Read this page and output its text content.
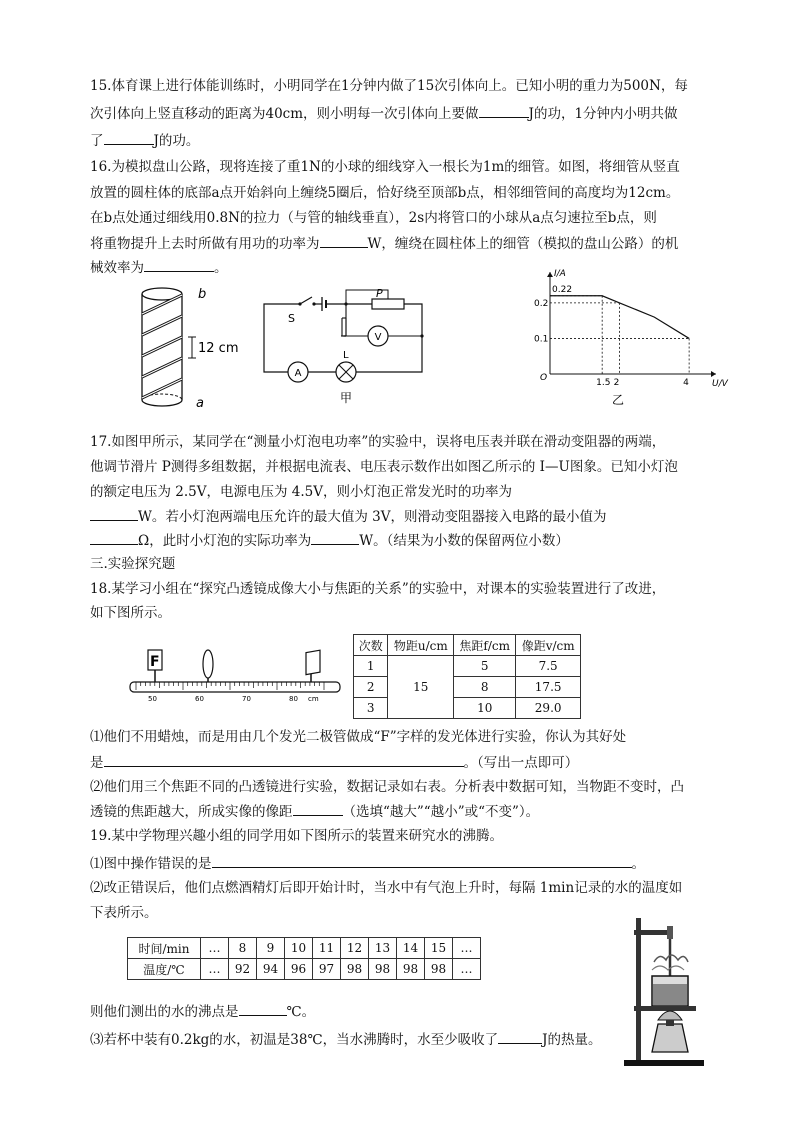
15.体育课上进行体能训练时，小明同学在1分钟内做了15次引体向上。已知小明的重力为500N，每
次引体向上竖直移动的距离为40cm，则小明每一次引体向上要做	J的功，1分钟内小明共做
了	J的功。
16.为模拟盘山公路，现将连接了重1N的小球的细线穿入一根长为1m的细管。如图，将细管从竖直
放置的圆柱体的底部a点开始斜向上缠绕5圈后，恰好绕至顶部b点，相邻细管间的高度均为12cm。
在b点处通过细线用0.8N的拉力（与管的轴线垂直），2s内将管口的小球从a点匀速拉至b点，则
将重物提升上去时所做有用功的功率为	W，缠绕在圆柱体上的细管（模拟的盘山公路）的机
械效率为	。
b
12 cm
a
P
S
V
A
L
甲
1.5 2	4
0.22
0.2
0.1
O
U/V
I/A
乙
17.如图甲所示，某同学在“测量小灯泡电功率”的实验中，误将电压表并联在滑动变阻器的两端，
他调节滑片 P测得多组数据，并根据电流表、电压表示数作出如图乙所示的 I—U图象。已知小灯泡
的额定电压为 2.5V，电源电压为 4.5V，则小灯泡正常发光时的功率为
W。若小灯泡两端电压允许的最大值为 3V，则滑动变阻器接入电路的最小值为
Ω，此时小灯泡的实际功率为	W。（结果为小数的保留两位小数）
三.实验探究题
18.某学习小组在“探究凸透镜成像大小与焦距的关系”的实验中，对课本的实验装置进行了改进，
如下图所示。
F
50	60	70	80 cm
次数	物距u/cm	焦距f/cm	像距v/cm
1	15	5	7.5
2		8	17.5
3		10	29.0
⑴他们不用蜡烛，而是用由几个发光二极管做成“F”字样的发光体进行实验，你认为其好处
是	。（写出一点即可）
⑵他们用三个焦距不同的凸透镜进行实验，数据记录如右表。分析表中数据可知，当物距不变时，凸
透镜的焦距越大，所成实像的像距	（选填“越大”“越小”或“不变”）。
19.某中学物理兴趣小组的同学用如下图所示的装置来研究水的沸腾。
⑴图中操作错误的是	。
⑵改正错误后，他们点燃酒精灯后即开始计时，当水中有气泡上升时，每隔 1min记录的水的温度如
下表所示。
时间/min	…	8	9	10	11	12	13	14	15	…
温度/℃	…	92	94	96	97	98	98	98	98	…
则他们测出的水的沸点是	℃。
⑶若杯中装有0.2kg的水，初温是38℃，当水沸腾时，水至少吸收了	J的热量。
